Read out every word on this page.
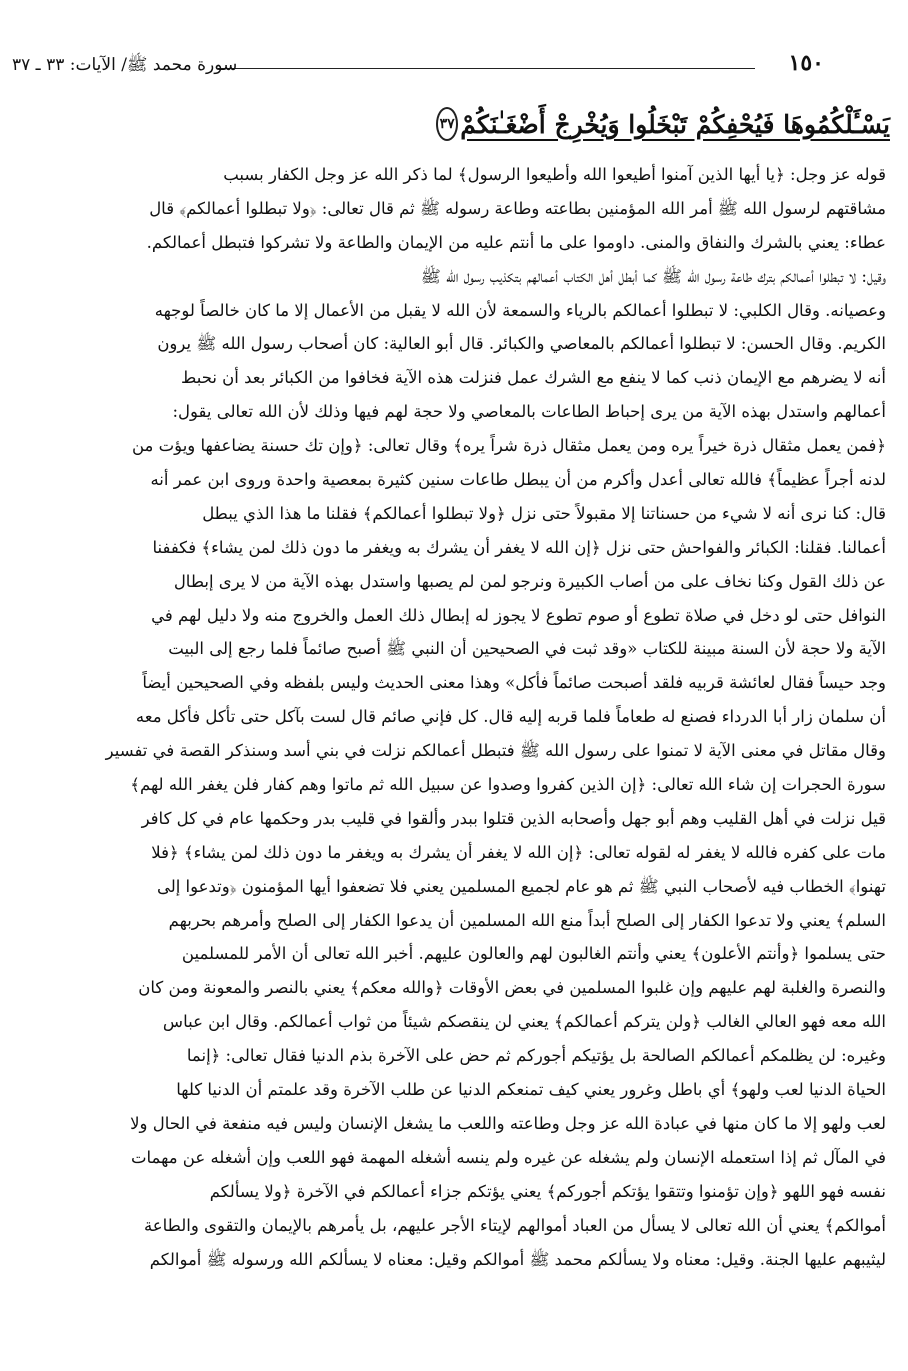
١٥٠
سورة محمد ﷺ/ الآيات: ٣٣ ـ ٣٧
يَسْـَٔلْكُمُوهَا فَيُحْفِكُمْ تَبْخَلُوا وَيُخْرِجْ أَضْغَـٰنَكُمْ
٣٧
قوله عز وجل: ﴿يا أيها الذين آمنوا أطيعوا الله وأطيعوا الرسول﴾ لما ذكر الله عز وجل الكفار بسبب
مشاقتهم لرسول الله ﷺ أمر الله المؤمنين بطاعته وطاعة رسوله ﷺ ثم قال تعالى: ﴿ولا تبطلوا أعمالكم﴾ قال
عطاء: يعني بالشرك والنفاق والمنى. داوموا على ما أنتم عليه من الإيمان والطاعة ولا تشركوا فتبطل أعمالكم.
وقيل: لا تبطلوا أعمالكم بترك طاعة رسول الله ﷺ كما أبطل أهل الكتاب أعمالهم بتكذيب رسول الله ﷺ
وعصيانه. وقال الكلبي: لا تبطلوا أعمالكم بالرياء والسمعة لأن الله لا يقبل من الأعمال إلا ما كان خالصاً لوجهه
الكريم. وقال الحسن: لا تبطلوا أعمالكم بالمعاصي والكبائر. قال أبو العالية: كان أصحاب رسول الله ﷺ يرون
أنه لا يضرهم مع الإيمان ذنب كما لا ينفع مع الشرك عمل فنزلت هذه الآية فخافوا من الكبائر بعد أن نحبط
أعمالهم واستدل بهذه الآية من يرى إحباط الطاعات بالمعاصي ولا حجة لهم فيها وذلك لأن الله تعالى يقول:
﴿فمن يعمل مثقال ذرة خيراً يره ومن يعمل مثقال ذرة شراً يره﴾ وقال تعالى: ﴿وإن تك حسنة يضاعفها ويؤت من
لدنه أجراً عظيماً﴾ فالله تعالى أعدل وأكرم من أن يبطل طاعات سنين كثيرة بمعصية واحدة وروى ابن عمر أنه
قال: كنا نرى أنه لا شيء من حسناتنا إلا مقبولاً حتى نزل ﴿ولا تبطلوا أعمالكم﴾ فقلنا ما هذا الذي يبطل
أعمالنا. فقلنا: الكبائر والفواحش حتى نزل ﴿إن الله لا يغفر أن يشرك به ويغفر ما دون ذلك لمن يشاء﴾ فكففنا
عن ذلك القول وكنا نخاف على من أصاب الكبيرة ونرجو لمن لم يصبها واستدل بهذه الآية من لا يرى إبطال
النوافل حتى لو دخل في صلاة تطوع أو صوم تطوع لا يجوز له إبطال ذلك العمل والخروج منه ولا دليل لهم في
الآية ولا حجة لأن السنة مبينة للكتاب «وقد ثبت في الصحيحين أن النبي ﷺ أصبح صائماً فلما رجع إلى البيت
وجد حيساً فقال لعائشة قربيه فلقد أصبحت صائماً فأكل» وهذا معنى الحديث وليس بلفظه وفي الصحيحين أيضاً
أن سلمان زار أبا الدرداء فصنع له طعاماً فلما قربه إليه قال. كل فإني صائم قال لست بآكل حتى تأكل فأكل معه
وقال مقاتل في معنى الآية لا تمنوا على رسول الله ﷺ فتبطل أعمالكم نزلت في بني أسد وسنذكر القصة في تفسير
سورة الحجرات إن شاء الله تعالى: ﴿إن الذين كفروا وصدوا عن سبيل الله ثم ماتوا وهم كفار فلن يغفر الله لهم﴾
قيل نزلت في أهل القليب وهم أبو جهل وأصحابه الذين قتلوا ببدر وألقوا في قليب بدر وحكمها عام في كل كافر
مات على كفره فالله لا يغفر له لقوله تعالى: ﴿إن الله لا يغفر أن يشرك به ويغفر ما دون ذلك لمن يشاء﴾ ﴿فلا
تهنوا﴾ الخطاب فيه لأصحاب النبي ﷺ ثم هو عام لجميع المسلمين يعني فلا تضعفوا أيها المؤمنون ﴿وتدعوا إلى
السلم﴾ يعني ولا تدعوا الكفار إلى الصلح أبداً منع الله المسلمين أن يدعوا الكفار إلى الصلح وأمرهم بحربهم
حتى يسلموا ﴿وأنتم الأعلون﴾ يعني وأنتم الغالبون لهم والعالون عليهم. أخبر الله تعالى أن الأمر للمسلمين
والنصرة والغلبة لهم عليهم وإن غلبوا المسلمين في بعض الأوقات ﴿والله معكم﴾ يعني بالنصر والمعونة ومن كان
الله معه فهو العالي الغالب ﴿ولن يتركم أعمالكم﴾ يعني لن ينقصكم شيئاً من ثواب أعمالكم. وقال ابن عباس
وغيره: لن يظلمكم أعمالكم الصالحة بل يؤتيكم أجوركم ثم حض على الآخرة بذم الدنيا فقال تعالى: ﴿إنما
الحياة الدنيا لعب ولهو﴾ أي باطل وغرور يعني كيف تمنعكم الدنيا عن طلب الآخرة وقد علمتم أن الدنيا كلها
لعب ولهو إلا ما كان منها في عبادة الله عز وجل وطاعته واللعب ما يشغل الإنسان وليس فيه منفعة في الحال ولا
في المآل ثم إذا استعمله الإنسان ولم يشغله عن غيره ولم ينسه أشغله المهمة فهو اللعب وإن أشغله عن مهمات
نفسه فهو اللهو ﴿وإن تؤمنوا وتتقوا يؤتكم أجوركم﴾ يعني يؤتكم جزاء أعمالكم في الآخرة ﴿ولا يسألكم
أموالكم﴾ يعني أن الله تعالى لا يسأل من العباد أموالهم لإيتاء الأجر عليهم، بل يأمرهم بالإيمان والتقوى والطاعة
ليثيبهم عليها الجنة. وقيل: معناه ولا يسألكم محمد ﷺ أموالكم وقيل: معناه لا يسألكم الله ورسوله ﷺ أموالكم
